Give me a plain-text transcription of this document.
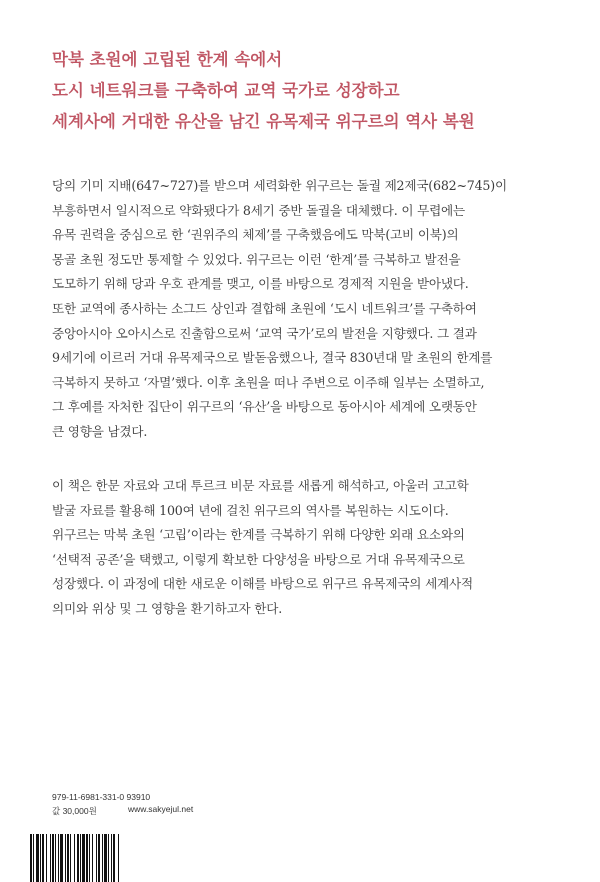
막북 초원에 고립된 한계 속에서
도시 네트워크를 구축하여 교역 국가로 성장하고
세계사에 거대한 유산을 남긴 유목제국 위구르의 역사 복원
당의 기미 지배(647~727)를 받으며 세력화한 위구르는 돌궐 제2제국(682~745)이
부흥하면서 일시적으로 약화됐다가 8세기 중반 돌궐을 대체했다. 이 무렵에는
유목 권력을 중심으로 한 ‘권위주의 체제’를 구축했음에도 막북(고비 이북)의
몽골 초원 정도만 통제할 수 있었다. 위구르는 이런 ‘한계’를 극복하고 발전을
도모하기 위해 당과 우호 관계를 맺고, 이를 바탕으로 경제적 지원을 받아냈다.
또한 교역에 종사하는 소그드 상인과 결합해 초원에 ‘도시 네트워크’를 구축하여
중앙아시아 오아시스로 진출함으로써 ‘교역 국가’로의 발전을 지향했다. 그 결과
9세기에 이르러 거대 유목제국으로 발돋움했으나, 결국 830년대 말 초원의 한계를
극복하지 못하고 ‘자멸’했다. 이후 초원을 떠나 주변으로 이주해 일부는 소멸하고,
그 후예를 자처한 집단이 위구르의 ‘유산’을 바탕으로 동아시아 세계에 오랫동안
큰 영향을 남겼다.
이 책은 한문 자료와 고대 투르크 비문 자료를 새롭게 해석하고, 아울러 고고학
발굴 자료를 활용해 100여 년에 걸친 위구르의 역사를 복원하는 시도이다.
위구르는 막북 초원 ‘고립’이라는 한계를 극복하기 위해 다양한 외래 요소와의
‘선택적 공존’을 택했고, 이렇게 확보한 다양성을 바탕으로 거대 유목제국으로
성장했다. 이 과정에 대한 새로운 이해를 바탕으로 위구르 유목제국의 세계사적
의미와 위상 및 그 영향을 환기하고자 한다.
979-11-6981-331-0 93910
값 30,000원	www.sakyejul.net
